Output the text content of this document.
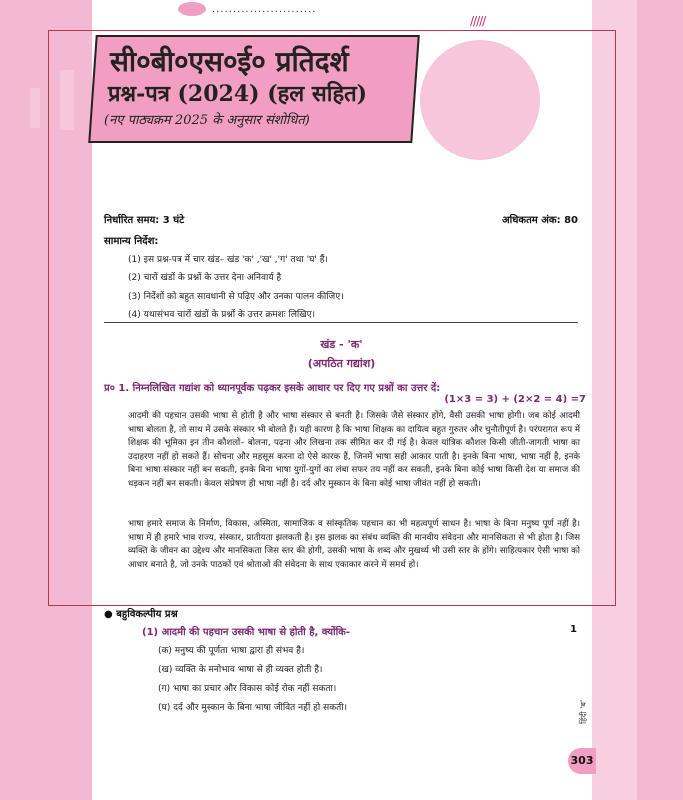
/////
.........................
सी०बी०एस०ई० प्रतिदर्श
प्रश्न-पत्र (2024) (हल सहित)
(नए पाठ्यक्रम 2025 के अनुसार संशोधित)
निर्धारित समय: 3 घंटे	अधिकतम अंक: 80
सामान्य निर्देश:
(1) इस प्रश्न-पत्र में चार खंड– खंड 'क' ,'ख' ,'ग' तथा 'घ' हैं।
(2) चारों खंडों के प्रश्नों के उत्तर देना अनिवार्य है
(3) निर्देशों को बहुत सावधानी से पढ़िए और उनका पालन कीजिए।
(4) यथासंभव चारों खंडों के प्रश्नों के उत्तर क्रमशः लिखिए।
खंड - 'क'
(अपठित गद्यांश)
प्र० 1. निम्नलिखित गद्यांश को ध्यानपूर्वक पढ़कर इसके आधार पर दिए गए प्रश्नों का उत्तर दें:
(1×3 = 3) + (2×2 = 4) =7
आदमी की पहचान उसकी भाषा से होती है और भाषा संस्कार से बनती है। जिसके जैसे संस्कार होंगे, वैसी उसकी भाषा होगी। जब कोई आदमी भाषा बोलता है, तो साथ में उसके संस्कार भी बोलते हैं। यही कारण है कि भाषा शिक्षक का दायित्व बहुत गुरुतर और चुनौतीपूर्ण है। परंपरागत रूप में शिक्षक की भूमिका इन तीन कौशलों– बोलना, पढ़ना और लिखना तक सीमित कर दी गई है। केवल यांत्रिक कौशल किसी जीती-जागती भाषा का उदाहरण नहीं हो सकते हैं। सोचना और महसूस करना दो ऐसे कारक हैं, जिनमें भाषा सही आकार पाती है। इनके बिना भाषा, भाषा नहीं है, इनके बिना भाषा संस्कार नहीं बन सकती, इनके बिना भाषा युगों-युगों का लंबा सफर तय नहीं कर सकती, इनके बिना कोई भाषा किसी देश या समाज की धड़कन नहीं बन सकती। केवल संप्रेषण ही भाषा नहीं है। दर्द और मुस्कान के बिना कोई भाषा जीवंत नहीं हो सकती।
भाषा हमारे समाज के निर्माण, विकास, अस्मिता, सामाजिक व सांस्कृतिक पहचान का भी महत्वपूर्ण साधन है। भाषा के बिना मनुष्य पूर्ण नहीं है। भाषा में ही हमारे भाव राज्य, संस्कार, प्रातीयता झलकती है। इस झलक का संबंध व्यक्ति की मानवीय संवेदना और मानसिकता से भी होता है। जिस व्यक्ति के जीवन का उद्देश्य और मानसिकता जिस स्तर की होगी, उसकी भाषा के शब्द और मुखर्थ्य भी उसी स्तर के होंगे। साहित्यकार ऐसी भाषा को आधार बनाते है, जो उनके पाठकों एवं श्रोताओं की संवेदना के साथ एकाकार करने में समर्थ हो।
● बहुविकल्पीय प्रश्न
(1) आदमी की पहचान उसकी भाषा से होती है, क्योंकि-	1
(क) मनुष्य की पूर्णता भाषा द्वारा ही संभव है।
(ख) व्यक्ति के मनोभाव भाषा से ही व्यक्त होती है।
(ग) भाषा का प्रचार और विकास कोई रोक नहीं सकता।
(घ) दर्द और मुस्कान के बिना भाषा जीवित नहीं हो सकती।	हिंदी 'ब'
303
